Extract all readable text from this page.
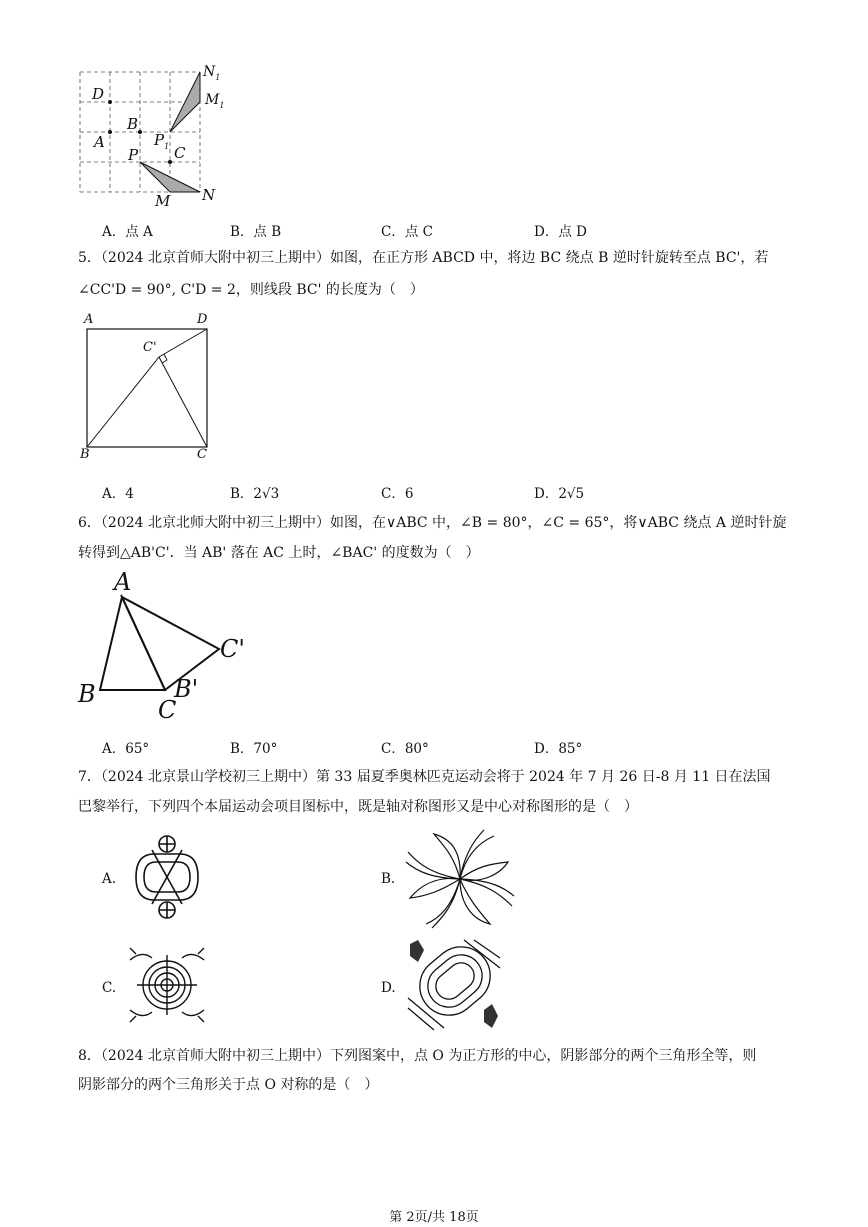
$N_1$
$M_1$
D
B
A	$P_1$
P C
M N
A．点 A	B．点 B	C．点 C	D．点 D
5．（2024 北京首师大附中初三上期中）如图，在正方形 ABCD 中，将边 BC 绕点 B 逆时针旋转至点 BC'，若
∠CC'D = 90°, C'D = 2，则线段 BC' 的长度为（　）
A	D
C'
B	C
A．4	B．2√3	C．6	D．2√5
6．（2024 北京北师大附中初三上期中）如图，在∨ABC 中，∠B = 80°，∠C = 65°，将∨ABC 绕点 A 逆时针旋
转得到△AB'C'．当 AB' 落在 AC 上时，∠BAC' 的度数为（　）
A
C'
B	B'
C
A．65°	B．70°	C．80°	D．85°
7．（2024 北京景山学校初三上期中）第 33 届夏季奥林匹克运动会将于 2024 年 7 月 26 日-8 月 11 日在法国
巴黎举行，下列四个本届运动会项目图标中，既是轴对称图形又是中心对称图形的是（　）
A.	B.
C.	D.
8．（2024 北京首师大附中初三上期中）下列图案中，点 O 为正方形的中心，阴影部分的两个三角形全等，则
阴影部分的两个三角形关于点 O 对称的是（　）
第 2页/共 18页
